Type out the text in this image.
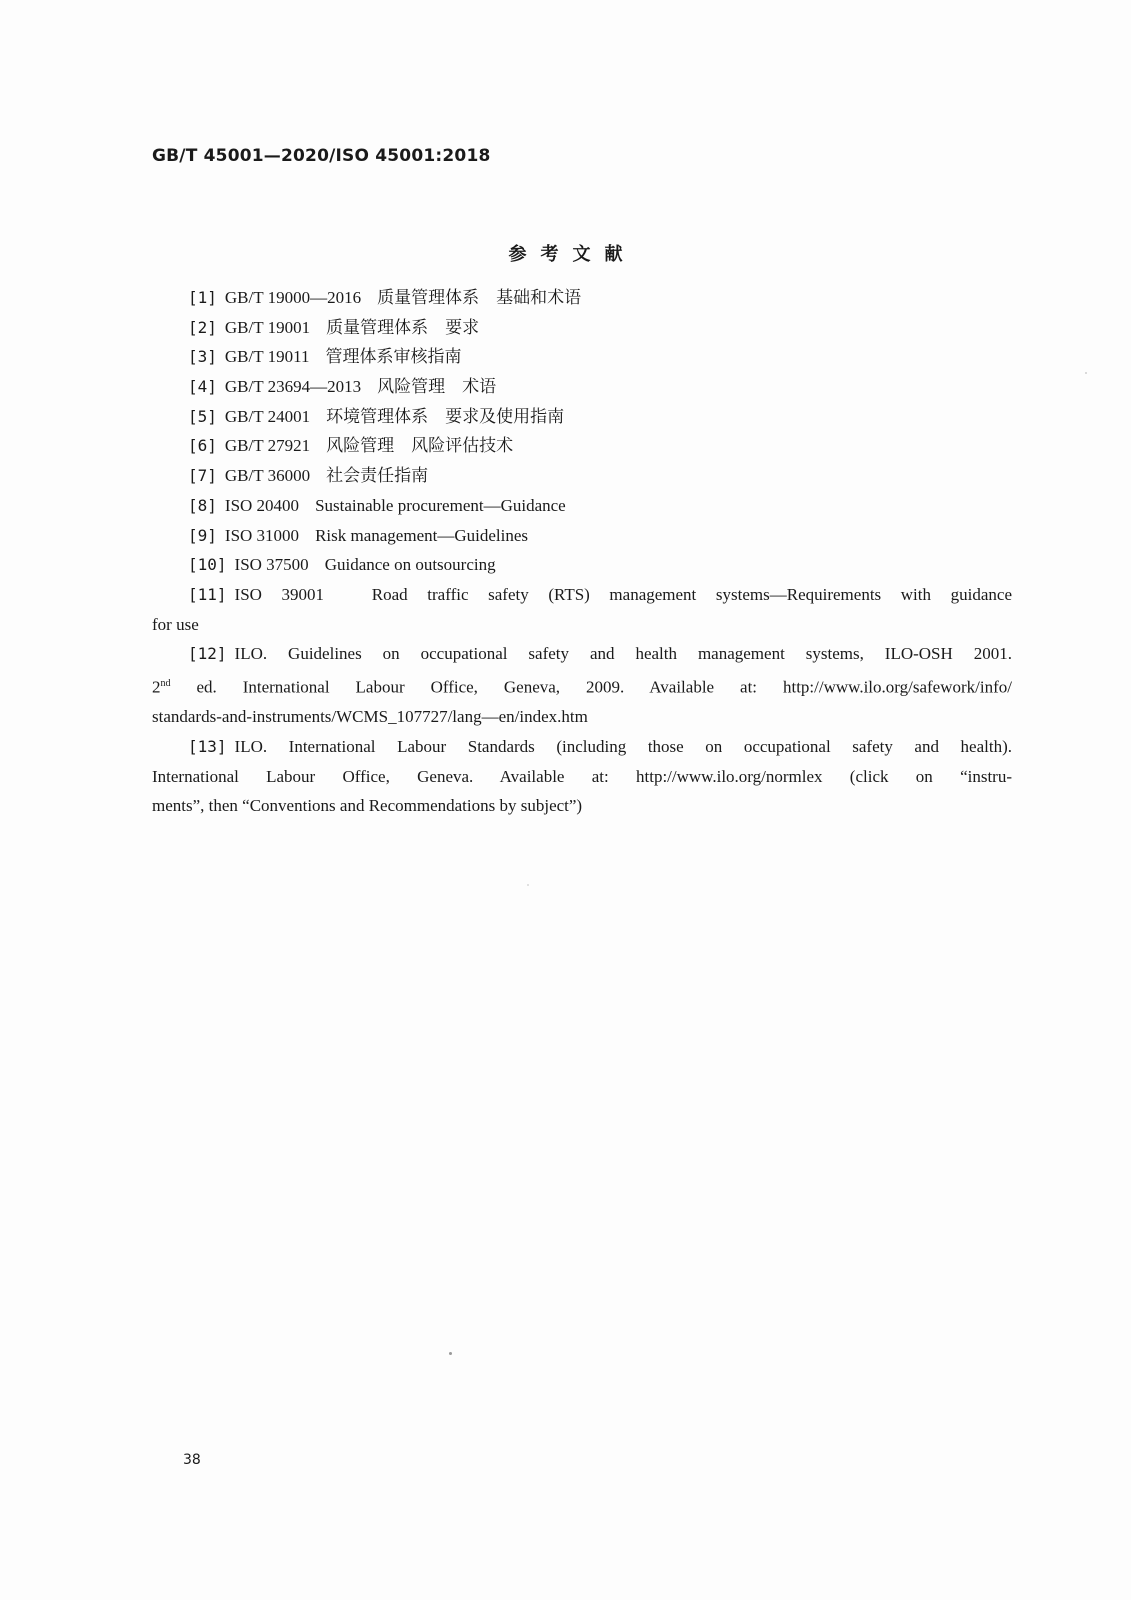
GB/T 45001—2020/ISO 45001:2018
参考文献
[1] GB/T 19000—2016 质量管理体系　基础和术语
[2] GB/T 19001 质量管理体系　要求
[3] GB/T 19011 管理体系审核指南
[4] GB/T 23694—2013 风险管理　术语
[5] GB/T 24001 环境管理体系　要求及使用指南
[6] GB/T 27921 风险管理　风险评估技术
[7] GB/T 36000 社会责任指南
[8] ISO 20400 Sustainable procurement—Guidance
[9] ISO 31000 Risk management—Guidelines
[10] ISO 37500 Guidance on outsourcing
[11] ISO 39001　Road traffic safety (RTS) management systems—Requirements with guidance
for use
[12] ILO. Guidelines on occupational safety and health management systems, ILO-OSH 2001.
2nd ed. International Labour Office, Geneva, 2009. Available at: http://www.ilo.org/safework/info/
standards-and-instruments/WCMS_107727/lang—en/index.htm
[13] ILO. International Labour Standards (including those on occupational safety and health).
International Labour Office, Geneva. Available at: http://www.ilo.org/normlex (click on “instru-
ments”, then “Conventions and Recommendations by subject”)
38
